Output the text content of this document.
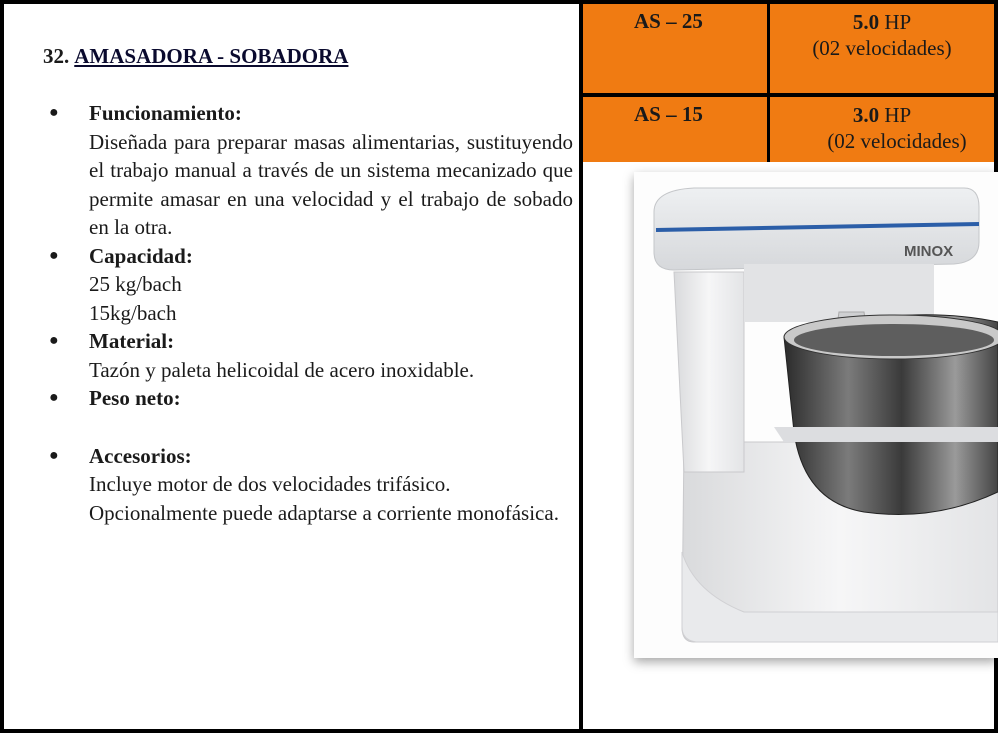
32. AMASADORA - SOBADORA
● Funcionamiento:
Diseñada para preparar masas alimentarias, sustituyendo el trabajo manual a través de un sistema mecanizado que permite amasar en una velocidad y el trabajo de sobado en la otra.
● Capacidad:
25 kg/bach
15kg/bach
● Material:
Tazón y paleta helicoidal de acero inoxidable.
● Peso neto:
● Accesorios:
Incluye motor de dos velocidades trifásico.
Opcionalmente puede adaptarse a corriente monofásica.
AS – 25	5.0 HP
(02 velocidades)
AS – 15	3.0 HP
(02 velocidades)
MINOX
